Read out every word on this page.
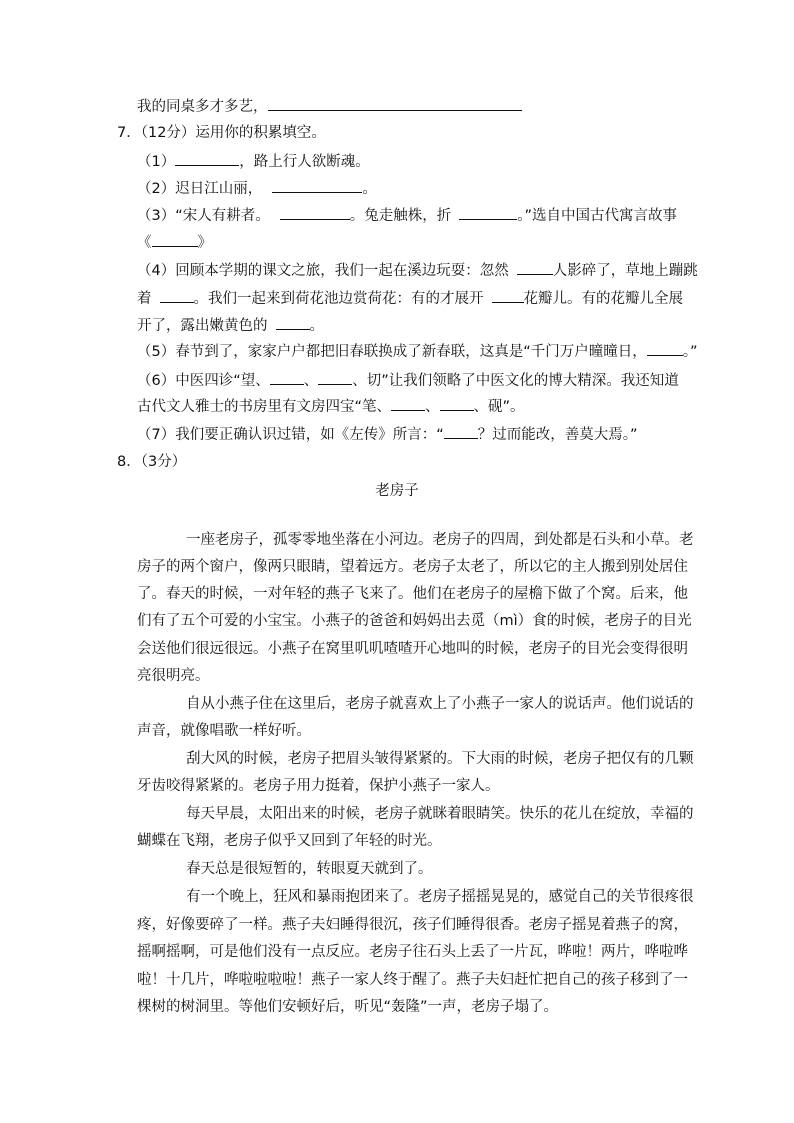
我的同桌多才多艺，
7．（12分）运用你的积累填空。
（1）	，路上行人欲断魂。
（2）迟日江山丽，	。
（3）“宋人有耕者。	。兔走触株，折	。”选自中国古代寓言故事
《	》
（4）回顾本学期的课文之旅，我们一起在溪边玩耍：忽然	人影碎了，草地上蹦跳
着	。我们一起来到荷花池边赏荷花：有的才展开	花瓣儿。有的花瓣儿全展
开了，露出嫩黄色的	。
（5）春节到了，家家户户都把旧春联换成了新春联，这真是“千门万户曈曈日， 。”
（6）中医四诊“望、 、 、切”让我们领略了中医文化的博大精深。我还知道
古代文人雅士的书房里有文房四宝“笔、 、 、砚”。
（7）我们要正确认识过错，如《左传》所言：“ ？过而能改，善莫大焉。”
8．（3分）
老房子
一座老房子，孤零零地坐落在小河边。老房子的四周，到处都是石头和小草。老
房子的两个窗户，像两只眼睛，望着远方。老房子太老了，所以它的主人搬到别处居住
了。春天的时候，一对年轻的燕子飞来了。他们在老房子的屋檐下做了个窝。后来，他
们有了五个可爱的小宝宝。小燕子的爸爸和妈妈出去觅（mì）食的时候，老房子的目光
会送他们很远很远。小燕子在窝里叽叽喳喳开心地叫的时候，老房子的目光会变得很明
亮很明亮。
自从小燕子住在这里后，老房子就喜欢上了小燕子一家人的说话声。他们说话的
声音，就像唱歌一样好听。
刮大风的时候，老房子把眉头皱得紧紧的。下大雨的时候，老房子把仅有的几颗
牙齿咬得紧紧的。老房子用力挺着，保护小燕子一家人。
每天早晨，太阳出来的时候，老房子就眯着眼睛笑。快乐的花儿在绽放，幸福的
蝴蝶在飞翔，老房子似乎又回到了年轻的时光。
春天总是很短暂的，转眼夏天就到了。
有一个晚上，狂风和暴雨抱团来了。老房子摇摇晃晃的，感觉自己的关节很疼很
疼，好像要碎了一样。燕子夫妇睡得很沉，孩子们睡得很香。老房子摇晃着燕子的窝，
摇啊摇啊，可是他们没有一点反应。老房子往石头上丢了一片瓦，哗啦！两片，哗啦哗
啦！十几片，哗啦啦啦啦！燕子一家人终于醒了。燕子夫妇赶忙把自己的孩子移到了一
棵树的树洞里。等他们安顿好后，听见“轰隆”一声，老房子塌了。
